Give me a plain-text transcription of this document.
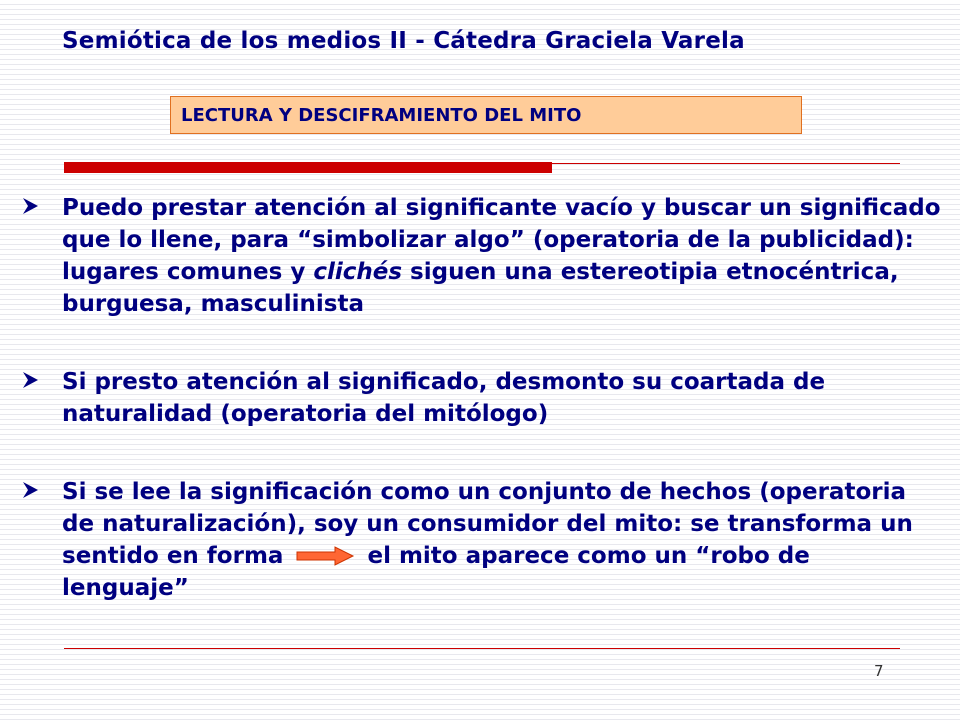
Semiótica de los medios II - Cátedra Graciela Varela
LECTURA Y DESCIFRAMIENTO DEL MITO
Puedo prestar atención al significante vacío y buscar un significado que lo llene, para “simbolizar algo” (operatoria de la publicidad): lugares comunes y clichés siguen una estereotipia etnocéntrica, burguesa, masculinista
Si presto atención al significado, desmonto su coartada de naturalidad (operatoria del mitólogo)
Si se lee la significación como un conjunto de hechos (operatoria de naturalización), soy un consumidor del mito: se transforma un sentido en forma	el mito aparece como un “robo de lenguaje”
7
